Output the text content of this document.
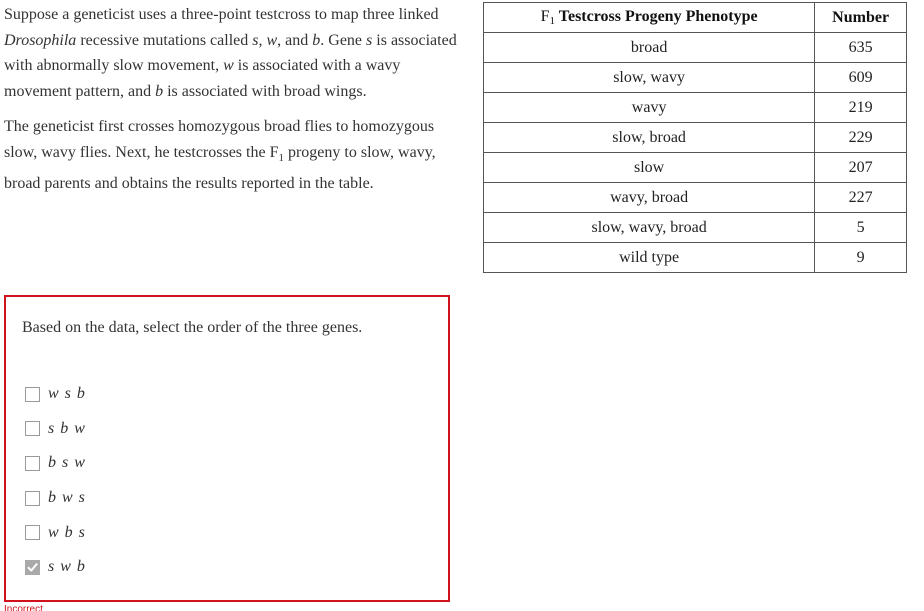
Suppose a geneticist uses a three-point testcross to map three linked Drosophila recessive mutations called s, w, and b. Gene s is associated with abnormally slow movement, w is associated with a wavy movement pattern, and b is associated with broad wings.

The geneticist first crosses homozygous broad flies to homozygous slow, wavy flies. Next, he testcrosses the $F_1$ progeny to slow, wavy, broad parents and obtains the results reported in the table.

$F_1$ Testcross Progeny Phenotype	Number
broad	635
slow, wavy	609
wavy	219
slow, broad	229
slow	207
wavy, broad	227
slow, wavy, broad	5
wild type	9
Based on the data, select the order of the three genes.
w s b
s b w
b s w
b w s
w b s
s w b
Incorrect
